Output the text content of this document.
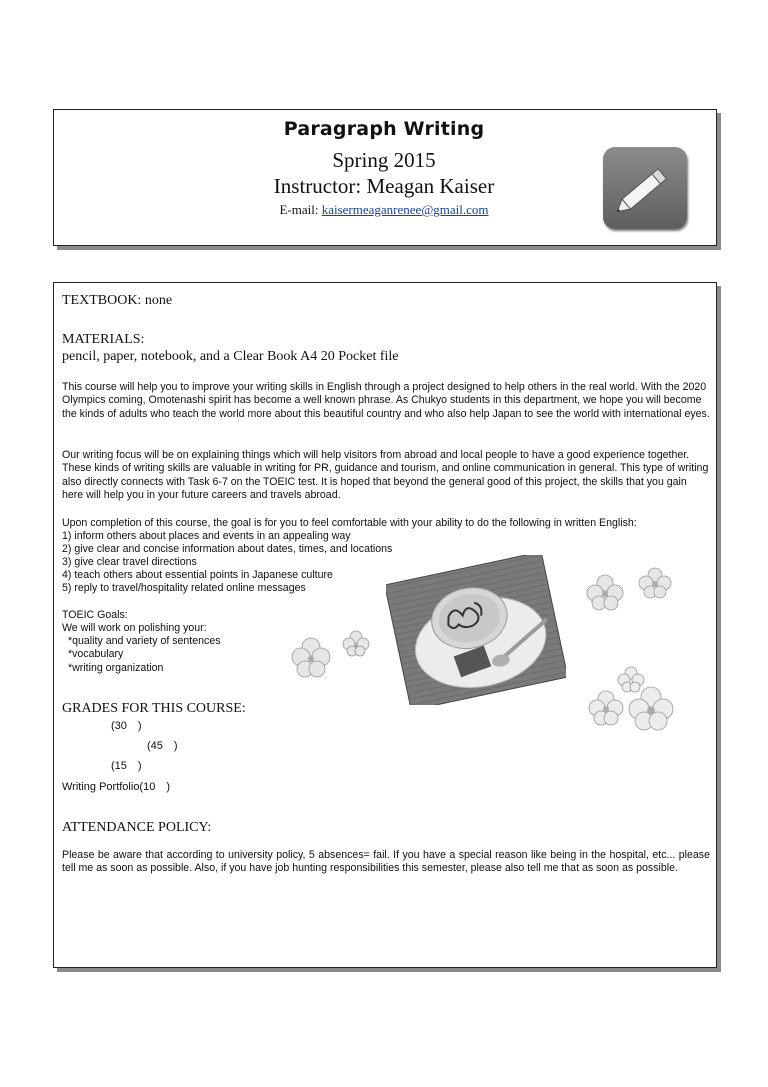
Paragraph Writing
Spring 2015
Instructor: Meagan Kaiser
E-mail: kaisermeaganrenee@gmail.com
TEXTBOOK: none
MATERIALS:
pencil, paper, notebook, and a Clear Book A4 20 Pocket file

This course will help you to improve your writing skills in English through a project designed to help others in the real world. With the 2020 Olympics coming, Omotenashi spirit has become a well known phrase. As Chukyo students in this department, we hope you will become the kinds of adults who teach the world more about this beautiful country and who also help Japan to see the world with international eyes.

Our writing focus will be on explaining things which will help visitors from abroad and local people to have a good experience together. These kinds of writing skills are valuable in writing for PR, guidance and tourism, and online communication in general. This type of writing also directly connects with Task 6-7 on the TOEIC test. It is hoped that beyond the general good of this project, the skills that you gain here will help you in your future careers and travels abroad.

Upon completion of this course, the goal is for you to feel comfortable with your ability to do the following in written English:
1) inform others about places and events in an appealing way
2) give clear and concise information about dates, times, and locations
3) give clear travel directions
4) teach others about essential points in Japanese culture
5) reply to travel/hospitality related online messages
TOEIC Goals:
We will work on polishing your:
*quality and variety of sentences
*vocabulary
*writing organization
GRADES FOR THIS COURSE:
(30　)
(45　)
(15　)
Writing Portfolio(10　)
ATTENDANCE POLICY:

Please be aware that according to university policy, 5 absences= fail. If you have a special reason like being in the hospital, etc... please tell me as soon as possible. Also, if you have job hunting responsibilities this semester, please also tell me that as soon as possible.
